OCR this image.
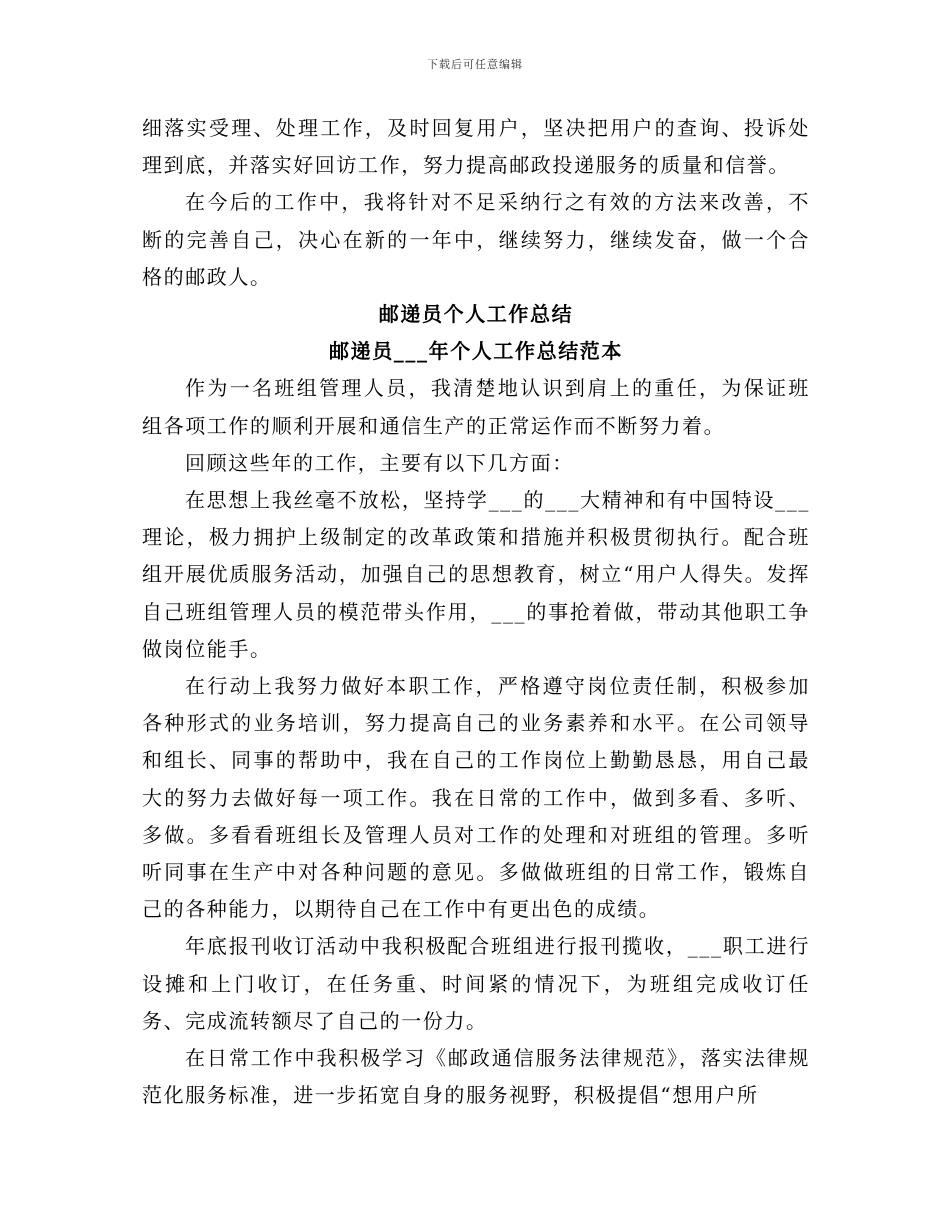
下载后可任意编辑

细落实受理、处理工作，及时回复用户，坚决把用户的查询、投诉处理到底，并落实好回访工作，努力提高邮政投递服务的质量和信誉。

在今后的工作中，我将针对不足采纳行之有效的方法来改善，不断的完善自己，决心在新的一年中，继续努力，继续发奋，做一个合格的邮政人。

邮递员个人工作总结

邮递员___年个人工作总结范本

作为一名班组管理人员，我清楚地认识到肩上的重任，为保证班组各项工作的顺利开展和通信生产的正常运作而不断努力着。

回顾这些年的工作，主要有以下几方面：

在思想上我丝毫不放松，坚持学___的___大精神和有中国特设___理论，极力拥护上级制定的改革政策和措施并积极贯彻执行。配合班组开展优质服务活动，加强自己的思想教育，树立“用户人得失。发挥自己班组管理人员的模范带头作用，___的事抢着做，带动其他职工争做岗位能手。

在行动上我努力做好本职工作，严格遵守岗位责任制，积极参加各种形式的业务培训，努力提高自己的业务素养和水平。在公司领导和组长、同事的帮助中，我在自己的工作岗位上勤勤恳恳，用自己最大的努力去做好每一项工作。我在日常的工作中，做到多看、多听、多做。多看看班组长及管理人员对工作的处理和对班组的管理。多听听同事在生产中对各种问题的意见。多做做班组的日常工作，锻炼自己的各种能力，以期待自己在工作中有更出色的成绩。

年底报刊收订活动中我积极配合班组进行报刊揽收，___职工进行设摊和上门收订，在任务重、时间紧的情况下，为班组完成收订任务、完成流转额尽了自己的一份力。

在日常工作中我积极学习《邮政通信服务法律规范》，落实法律规范化服务标准，进一步拓宽自身的服务视野，积极提倡“想用户所
